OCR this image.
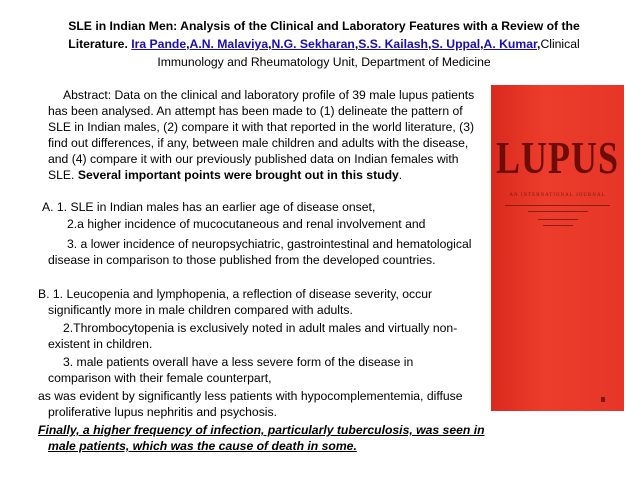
SLE in Indian Men: Analysis of the Clinical and Laboratory Features with a Review of the Literature. Ira Pande,A.N. Malaviya,N.G. Sekharan,S.S. Kailash,S. Uppal,A. Kumar,Clinical
Immunology and Rheumatology Unit, Department of Medicine

Abstract: Data on the clinical and laboratory profile of 39 male lupus patients has been analysed. An attempt has been made to (1) delineate the pattern of SLE in Indian males, (2) compare it with that reported in the world literature, (3) find out differences, if any, between male children and adults with the disease, and (4) compare it with our previously published data on Indian females with SLE. Several important points were brought out in this study.

A. 1. SLE in Indian males has an earlier age of disease onset,

2.a higher incidence of mucocutaneous and renal involvement and

3. a lower incidence of neuropsychiatric, gastrointestinal and hematological disease in comparison to those published from the developed countries.

B. 1. Leucopenia and lymphopenia, a reflection of disease severity, occur significantly more in male children compared with adults.

2.Thrombocytopenia is exclusively noted in adult males and virtually non-existent in children.

3. male patients overall have a less severe form of the disease in comparison with their female counterpart,

as was evident by significantly less patients with hypocomplementemia, diffuse proliferative lupus nephritis and psychosis.

Finally, a higher frequency of infection, particularly tuberculosis, was seen in male patients, which was the cause of death in some.

LUPUS
AN INTERNATIONAL JOURNAL
